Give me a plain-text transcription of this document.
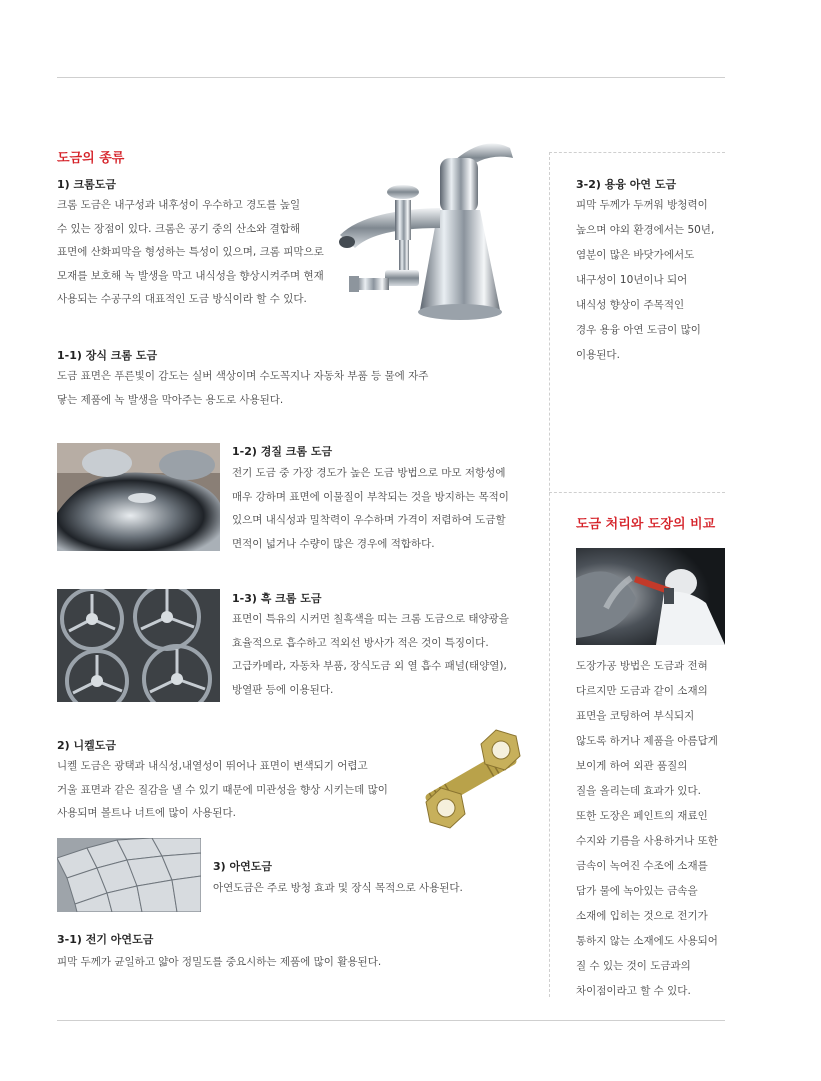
도금의 종류
1) 크롬도금
크롬 도금은 내구성과 내후성이 우수하고 경도를 높일
수 있는 장점이 있다. 크롬은 공기 중의 산소와 결합해
표면에 산화피막을 형성하는 특성이 있으며, 크롬 피막으로
모재를 보호해 녹 발생을 막고 내식성을 향상시켜주며 현재
사용되는 수공구의 대표적인 도금 방식이라 할 수 있다.
1-1) 장식 크롬 도금
도금 표면은 푸른빛이 감도는 실버 색상이며 수도꼭지나 자동차 부품 등 물에 자주
닿는 제품에 녹 발생을 막아주는 용도로 사용된다.
1-2) 경질 크롬 도금
전기 도금 중 가장 경도가 높은 도금 방법으로 마모 저항성에
매우 강하며 표면에 이물질이 부착되는 것을 방지하는 목적이
있으며 내식성과 밀착력이 우수하며 가격이 저렴하여 도금할
면적이 넓거나 수량이 많은 경우에 적합하다.
1-3) 흑 크롬 도금
표면이 특유의 시커먼 칠흑색을 띠는 크롬 도금으로 태양광을
효율적으로 흡수하고 적외선 방사가 적은 것이 특징이다.
고급카메라, 자동차 부품, 장식도금 외 열 흡수 패널(태양열),
방열판 등에 이용된다.
2) 니켈도금
니켈 도금은 광택과 내식성,내열성이 뛰어나 표면이 변색되기 어렵고
거울 표면과 같은 질감을 낼 수 있기 때문에 미관성을 향상 시키는데 많이
사용되며 볼트나 너트에 많이 사용된다.
3) 아연도금
아연도금은 주로 방청 효과 및 장식 목적으로 사용된다.
3-1) 전기 아연도금
피막 두께가 균일하고 얇아 정밀도를 중요시하는 제품에 많이 활용된다.
3-2) 용융 아연 도금
피막 두께가 두꺼워 방청력이
높으며 야외 환경에서는 50년,
염분이 많은 바닷가에서도
내구성이 10년이나 되어
내식성 향상이 주목적인
경우 용융 아연 도금이 많이
이용된다.
도금 처리와 도장의 비교
도장가공 방법은 도금과 전혀
다르지만 도금과 같이 소재의
표면을 코팅하여 부식되지
않도록 하거나 제품을 아름답게
보이게 하여 외관 품질의
질을 올리는데 효과가 있다.
또한 도장은 페인트의 재료인
수지와 기름을 사용하거나 또한
금속이 녹여진 수조에 소재를
담가 물에 녹아있는 금속을
소재에 입히는 것으로 전기가
통하지 않는 소재에도 사용되어
질 수 있는 것이 도금과의
차이점이라고 할 수 있다.
